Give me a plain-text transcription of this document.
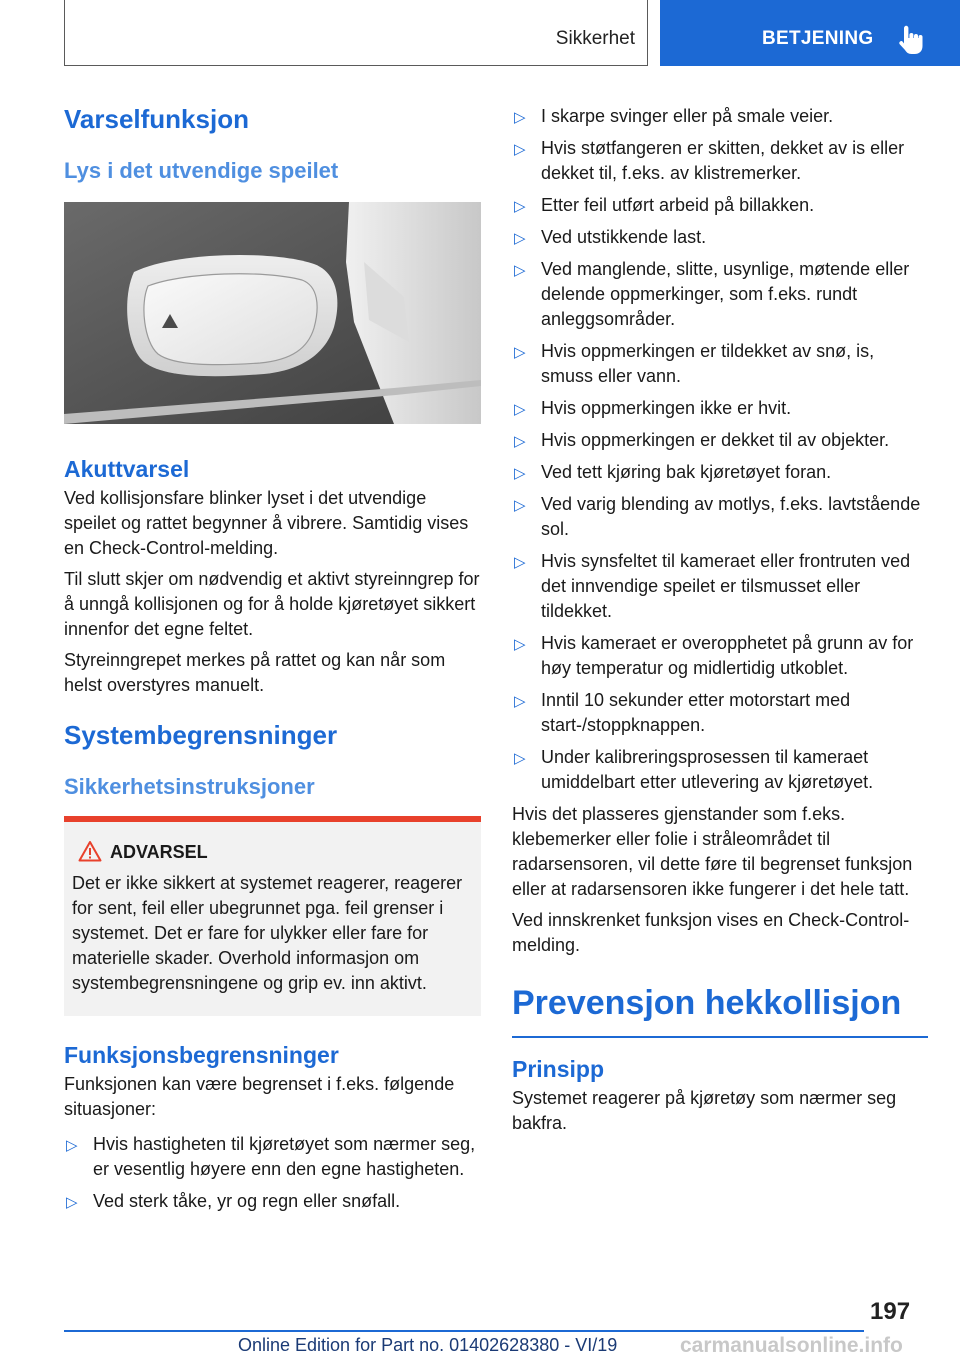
Sikkerhet	BETJENING
Varselfunksjon
Lys i det utvendige speilet
Akuttvarsel
Ved kollisjonsfare blinker lyset i det utvendige speilet og rattet begynner å vibrere. Samtidig vises en Check-Control-melding.
Til slutt skjer om nødvendig et aktivt styreinngrep for å unngå kollisjonen og for å holde kjøretøyet sikkert innenfor det egne feltet.
Styreinngrepet merkes på rattet og kan når som helst overstyres manuelt.
Systembegrensninger
Sikkerhetsinstruksjoner
ADVARSEL
Det er ikke sikkert at systemet reagerer, reagerer for sent, feil eller ubegrunnet pga. feil grenser i systemet. Det er fare for ulykker eller fare for materielle skader. Overhold informasjon om systembegrensningene og grip ev. inn aktivt.
Funksjonsbegrensninger
Funksjonen kan være begrenset i f.eks. følgende situasjoner:
▷ Hvis hastigheten til kjøretøyet som nærmer seg, er vesentlig høyere enn den egne hastigheten.
▷ Ved sterk tåke, yr og regn eller snøfall.
▷ I skarpe svinger eller på smale veier.
▷ Hvis støtfangeren er skitten, dekket av is eller dekket til, f.eks. av klistremerker.
▷ Etter feil utført arbeid på billakken.
▷ Ved utstikkende last.
▷ Ved manglende, slitte, usynlige, møtende eller delende oppmerkinger, som f.eks. rundt anleggsområder.
▷ Hvis oppmerkingen er tildekket av snø, is, smuss eller vann.
▷ Hvis oppmerkingen ikke er hvit.
▷ Hvis oppmerkingen er dekket til av objekter.
▷ Ved tett kjøring bak kjøretøyet foran.
▷ Ved varig blending av motlys, f.eks. lavtstående sol.
▷ Hvis synsfeltet til kameraet eller frontruten ved det innvendige speilet er tilsmusset eller tildekket.
▷ Hvis kameraet er overopphetet på grunn av for høy temperatur og midlertidig utkoblet.
▷ Inntil 10 sekunder etter motorstart med start-/stoppknappen.
▷ Under kalibreringsprosessen til kameraet umiddelbart etter utlevering av kjøretøyet.
Hvis det plasseres gjenstander som f.eks. klebemerker eller folie i stråleområdet til radarsensoren, vil dette føre til begrenset funksjon eller at radarsensoren ikke fungerer i det hele tatt.
Ved innskrenket funksjon vises en Check-Control-melding.
Prevensjon hekkollisjon
Prinsipp
Systemet reagerer på kjøretøy som nærmer seg bakfra.
197
Online Edition for Part no. 01402628380 - VI/19	carmanualsonline.info
